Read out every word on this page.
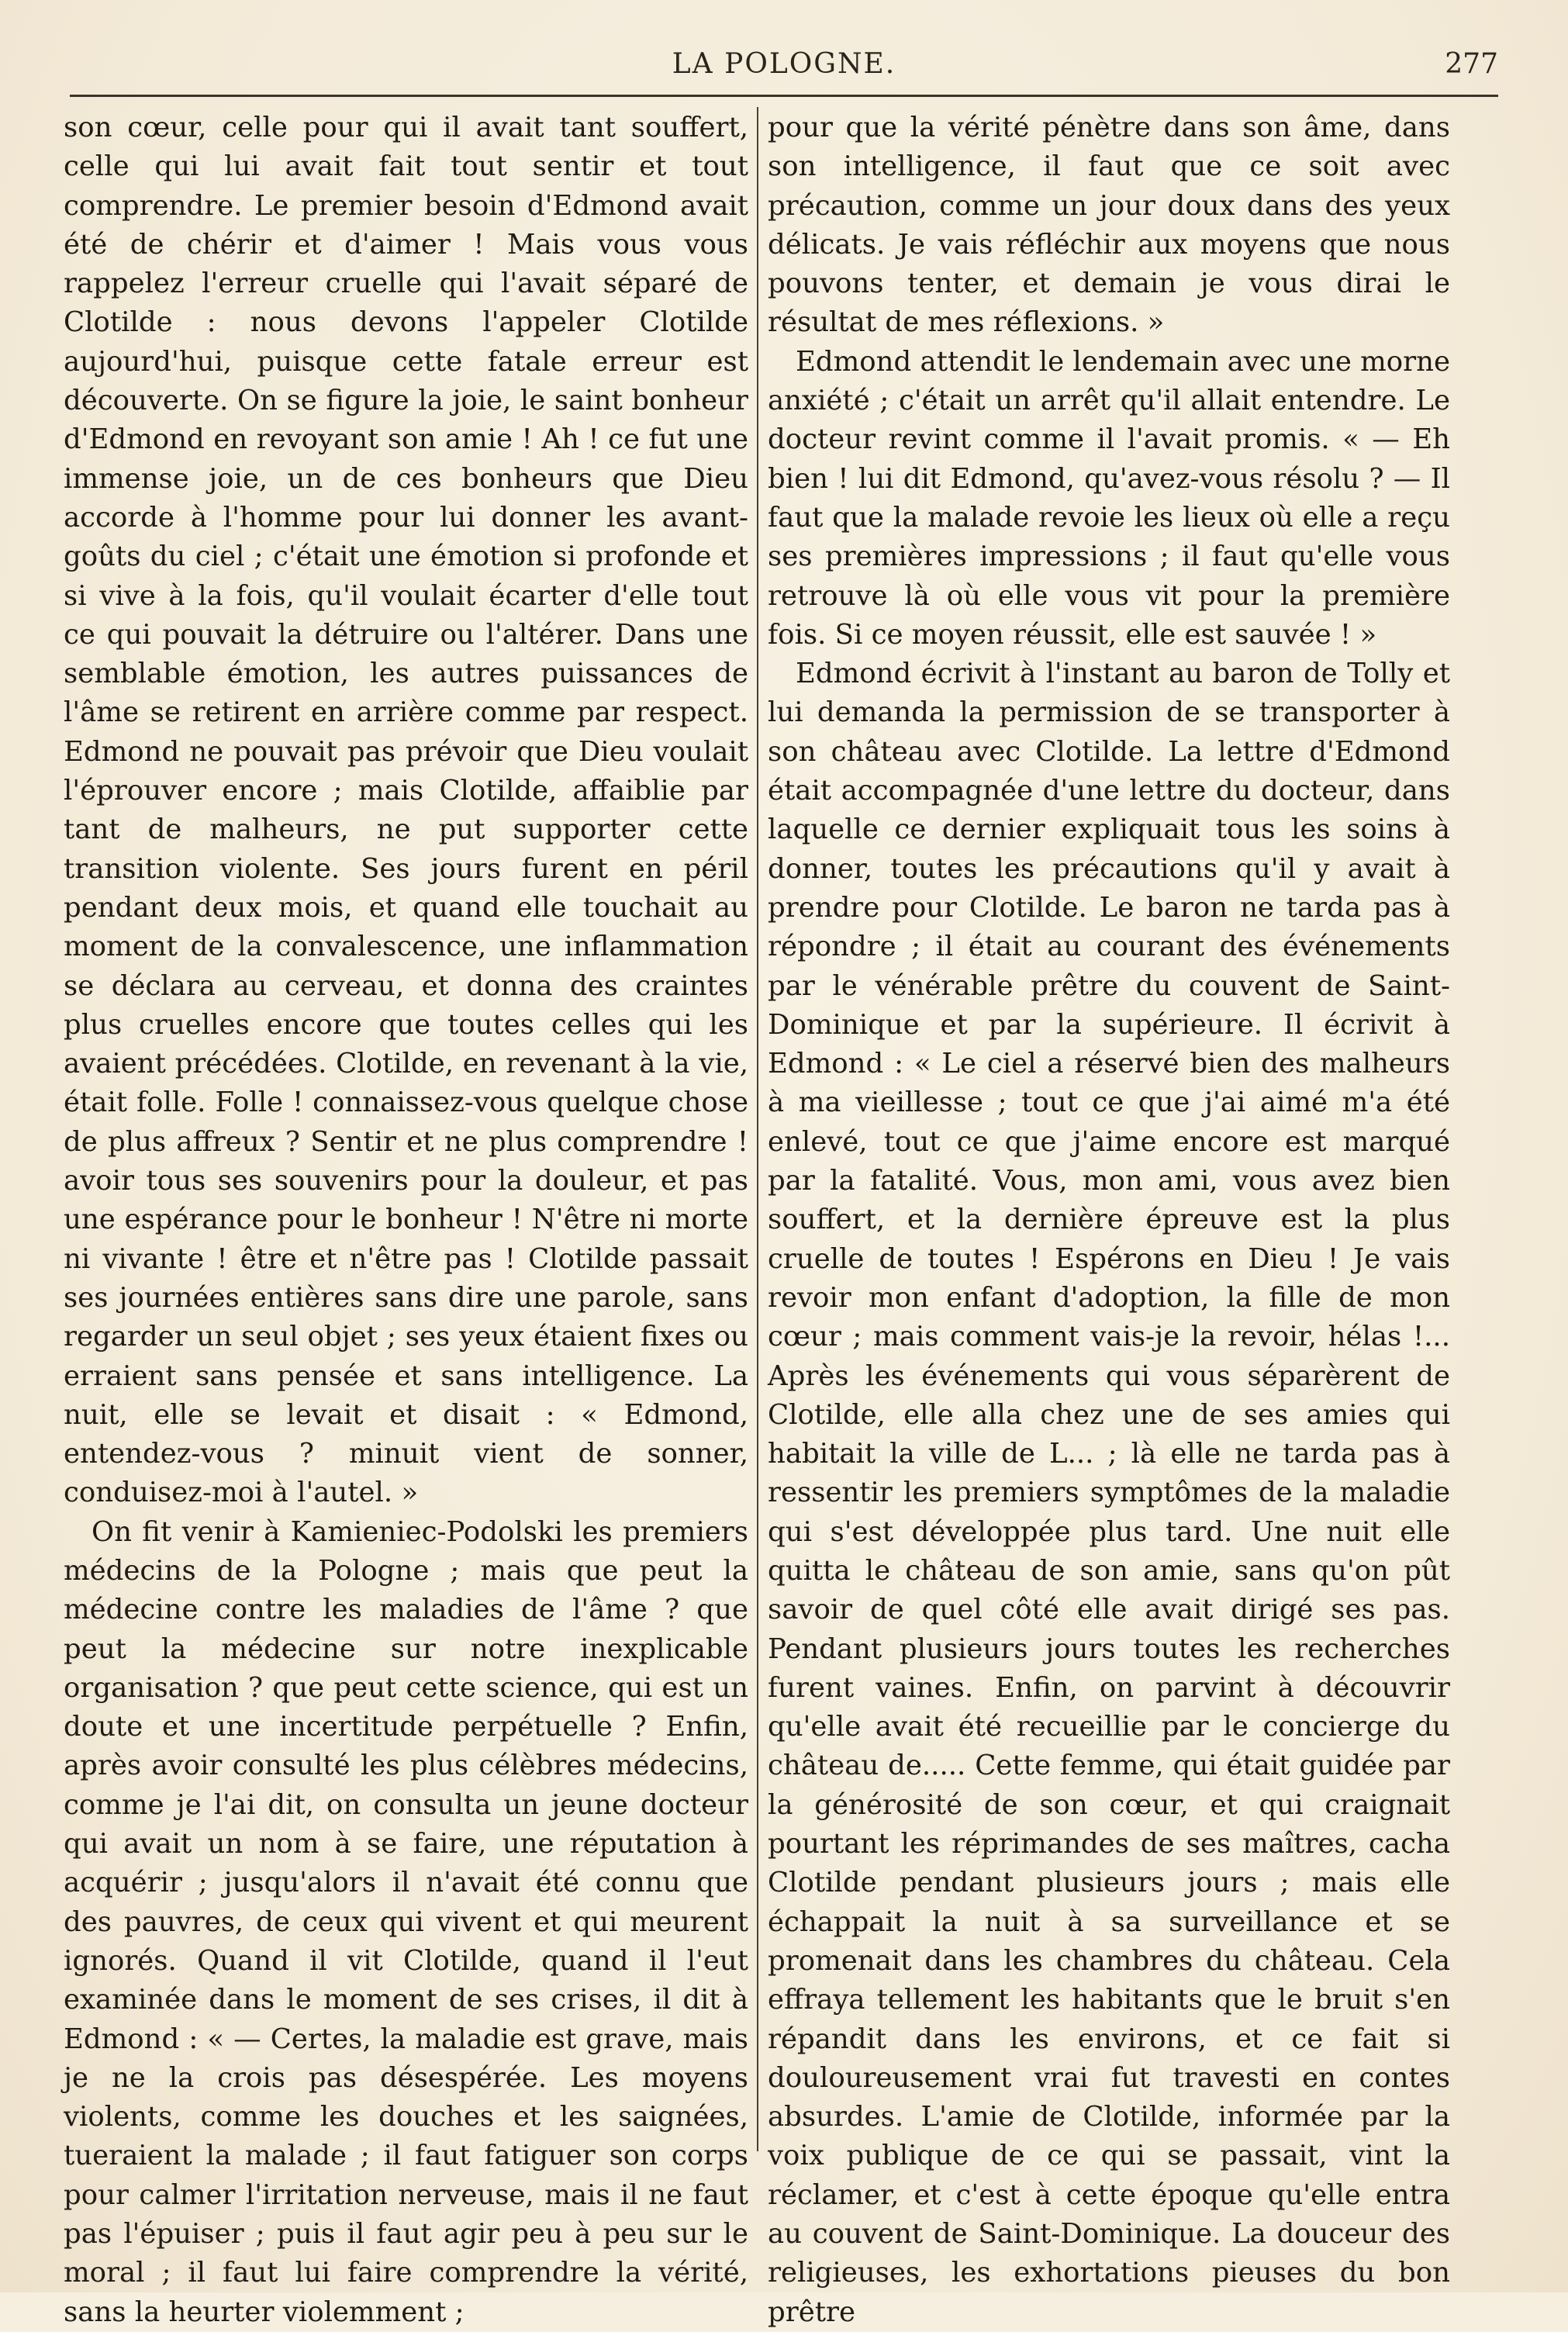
LA POLOGNE.	277

son cœur, celle pour qui il avait tant souffert, celle qui lui avait fait tout sentir et tout comprendre. Le premier besoin d'Edmond avait été de chérir et d'aimer ! Mais vous vous rappelez l'erreur cruelle qui l'avait séparé de Clotilde : nous devons l'appeler Clotilde aujourd'hui, puisque cette fatale erreur est découverte. On se figure la joie, le saint bonheur d'Edmond en revoyant son amie ! Ah ! ce fut une immense joie, un de ces bonheurs que Dieu accorde à l'homme pour lui donner les avant-goûts du ciel ; c'était une émotion si profonde et si vive à la fois, qu'il voulait écarter d'elle tout ce qui pouvait la détruire ou l'altérer. Dans une semblable émotion, les autres puissances de l'âme se retirent en arrière comme par respect. Edmond ne pouvait pas prévoir que Dieu voulait l'éprouver encore ; mais Clotilde, affaiblie par tant de malheurs, ne put supporter cette transition violente. Ses jours furent en péril pendant deux mois, et quand elle touchait au moment de la convalescence, une inflammation se déclara au cerveau, et donna des craintes plus cruelles encore que toutes celles qui les avaient précédées. Clotilde, en revenant à la vie, était folle. Folle ! connaissez-vous quelque chose de plus affreux ? Sentir et ne plus comprendre ! avoir tous ses souvenirs pour la douleur, et pas une espérance pour le bonheur ! N'être ni morte ni vivante ! être et n'être pas ! Clotilde passait ses journées entières sans dire une parole, sans regarder un seul objet ; ses yeux étaient fixes ou erraient sans pensée et sans intelligence. La nuit, elle se levait et disait : « Edmond, entendez-vous ? minuit vient de sonner, conduisez-moi à l'autel. »

On fit venir à Kamieniec-Podolski les premiers médecins de la Pologne ; mais que peut la médecine contre les maladies de l'âme ? que peut la médecine sur notre inexplicable organisation ? que peut cette science, qui est un doute et une incertitude perpétuelle ? Enfin, après avoir consulté les plus célèbres médecins, comme je l'ai dit, on consulta un jeune docteur qui avait un nom à se faire, une réputation à acquérir ; jusqu'alors il n'avait été connu que des pauvres, de ceux qui vivent et qui meurent ignorés. Quand il vit Clotilde, quand il l'eut examinée dans le moment de ses crises, il dit à Edmond : « — Certes, la maladie est grave, mais je ne la crois pas désespérée. Les moyens violents, comme les douches et les saignées, tueraient la malade ; il faut fatiguer son corps pour calmer l'irritation nerveuse, mais il ne faut pas l'épuiser ; puis il faut agir peu à peu sur le moral ; il faut lui faire comprendre la vérité, sans la heurter violemment ;

pour que la vérité pénètre dans son âme, dans son intelligence, il faut que ce soit avec précaution, comme un jour doux dans des yeux délicats. Je vais réfléchir aux moyens que nous pouvons tenter, et demain je vous dirai le résultat de mes réflexions. »

Edmond attendit le lendemain avec une morne anxiété ; c'était un arrêt qu'il allait entendre. Le docteur revint comme il l'avait promis. « — Eh bien ! lui dit Edmond, qu'avez-vous résolu ? — Il faut que la malade revoie les lieux où elle a reçu ses premières impressions ; il faut qu'elle vous retrouve là où elle vous vit pour la première fois. Si ce moyen réussit, elle est sauvée ! »

Edmond écrivit à l'instant au baron de Tolly et lui demanda la permission de se transporter à son château avec Clotilde. La lettre d'Edmond était accompagnée d'une lettre du docteur, dans laquelle ce dernier expliquait tous les soins à donner, toutes les précautions qu'il y avait à prendre pour Clotilde. Le baron ne tarda pas à répondre ; il était au courant des événements par le vénérable prêtre du couvent de Saint-Dominique et par la supérieure. Il écrivit à Edmond : « Le ciel a réservé bien des malheurs à ma vieillesse ; tout ce que j'ai aimé m'a été enlevé, tout ce que j'aime encore est marqué par la fatalité. Vous, mon ami, vous avez bien souffert, et la dernière épreuve est la plus cruelle de toutes ! Espérons en Dieu ! Je vais revoir mon enfant d'adoption, la fille de mon cœur ; mais comment vais-je la revoir, hélas !... Après les événements qui vous séparèrent de Clotilde, elle alla chez une de ses amies qui habitait la ville de L... ; là elle ne tarda pas à ressentir les premiers symptômes de la maladie qui s'est développée plus tard. Une nuit elle quitta le château de son amie, sans qu'on pût savoir de quel côté elle avait dirigé ses pas. Pendant plusieurs jours toutes les recherches furent vaines. Enfin, on parvint à découvrir qu'elle avait été recueillie par le concierge du château de..... Cette femme, qui était guidée par la générosité de son cœur, et qui craignait pourtant les réprimandes de ses maîtres, cacha Clotilde pendant plusieurs jours ; mais elle échappait la nuit à sa surveillance et se promenait dans les chambres du château. Cela effraya tellement les habitants que le bruit s'en répandit dans les environs, et ce fait si douloureusement vrai fut travesti en contes absurdes. L'amie de Clotilde, informée par la voix publique de ce qui se passait, vint la réclamer, et c'est à cette époque qu'elle entra au couvent de Saint-Dominique. La douceur des religieuses, les exhortations pieuses du bon prêtre
